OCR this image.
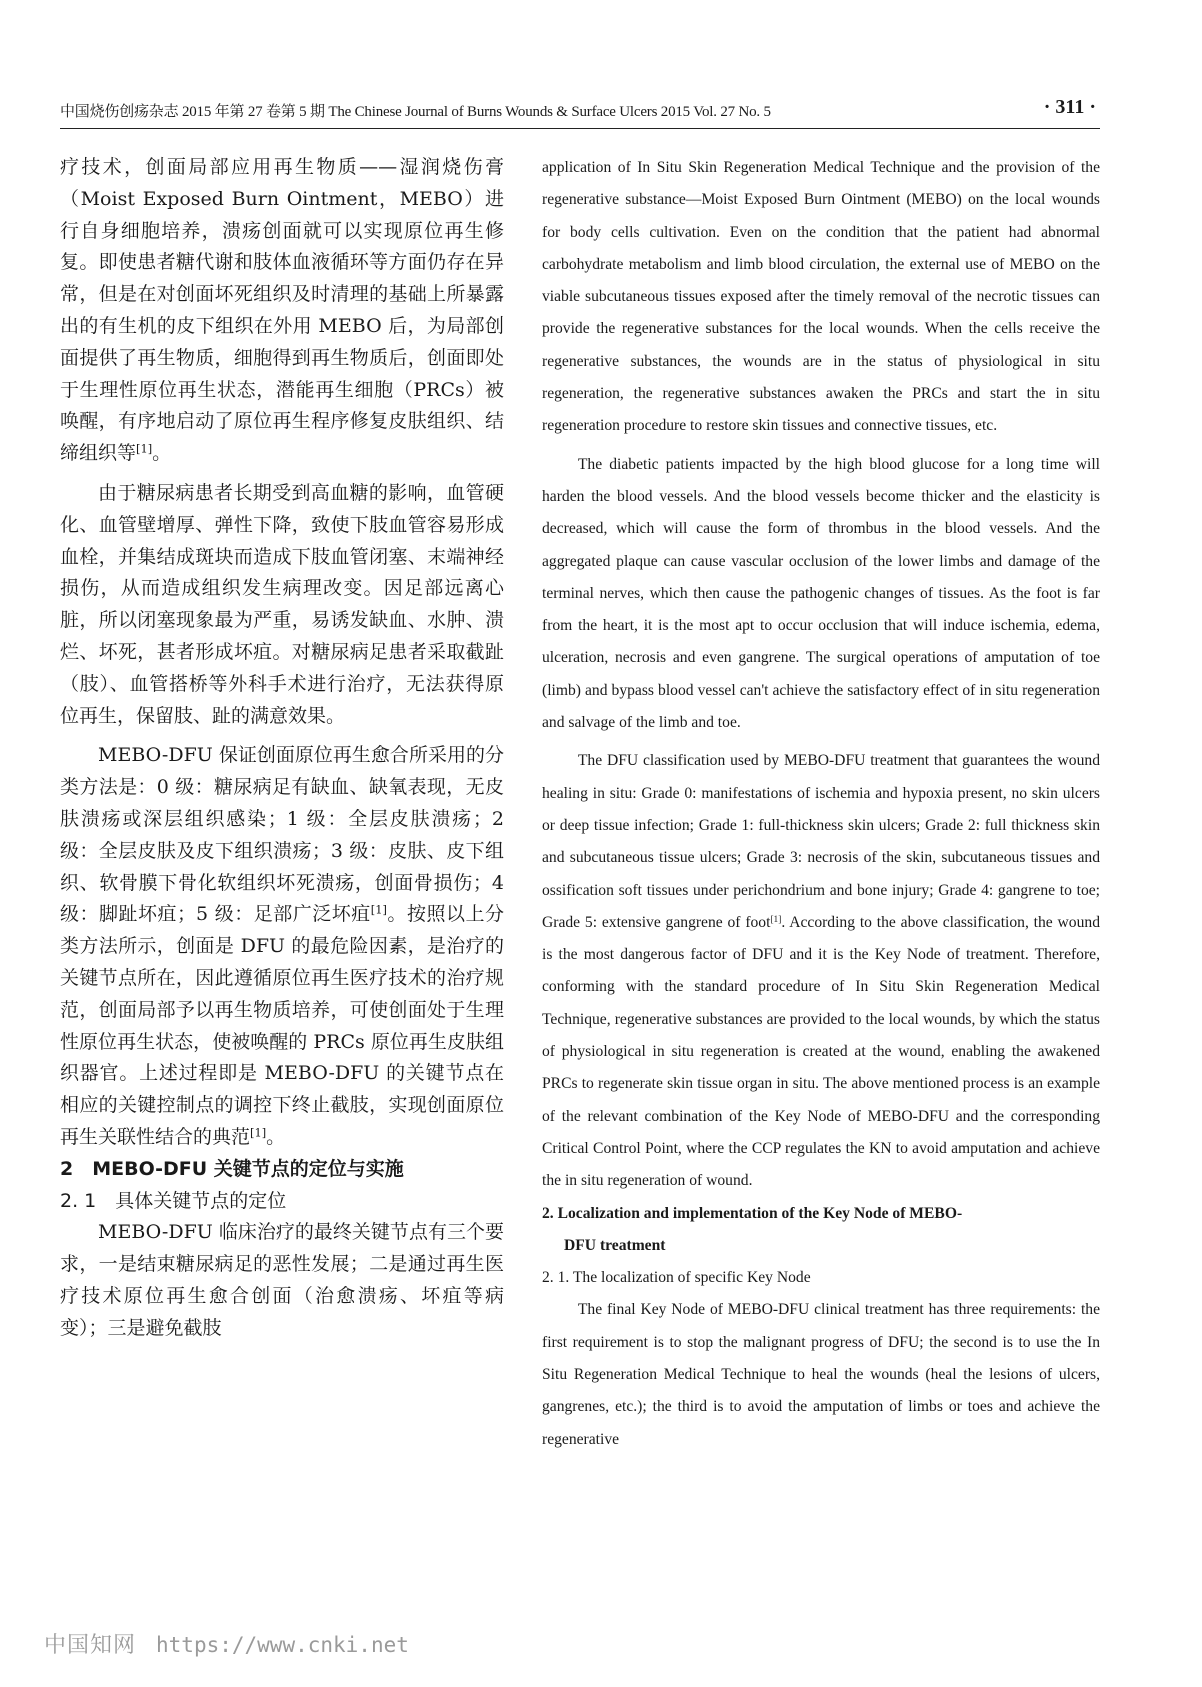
中国烧伤创疡杂志 2015 年第 27 卷第 5 期 The Chinese Journal of Burns Wounds & Surface Ulcers 2015 Vol. 27 No. 5	· 311 ·

疗技术，创面局部应用再生物质——湿润烧伤膏（Moist Exposed Burn Ointment，MEBO）进行自身细胞培养，溃疡创面就可以实现原位再生修复。即使患者糖代谢和肢体血液循环等方面仍存在异常，但是在对创面坏死组织及时清理的基础上所暴露出的有生机的皮下组织在外用 MEBO 后，为局部创面提供了再生物质，细胞得到再生物质后，创面即处于生理性原位再生状态，潜能再生细胞（PRCs）被唤醒，有序地启动了原位再生程序修复皮肤组织、结缔组织等[1]。

由于糖尿病患者长期受到高血糖的影响，血管硬化、血管壁增厚、弹性下降，致使下肢血管容易形成血栓，并集结成斑块而造成下肢血管闭塞、末端神经损伤，从而造成组织发生病理改变。因足部远离心脏，所以闭塞现象最为严重，易诱发缺血、水肿、溃烂、坏死，甚者形成坏疽。对糖尿病足患者采取截趾（肢）、血管搭桥等外科手术进行治疗，无法获得原位再生，保留肢、趾的满意效果。

MEBO-DFU 保证创面原位再生愈合所采用的分类方法是：0 级：糖尿病足有缺血、缺氧表现，无皮肤溃疡或深层组织感染；1 级：全层皮肤溃疡；2 级：全层皮肤及皮下组织溃疡；3 级：皮肤、皮下组织、软骨膜下骨化软组织坏死溃疡，创面骨损伤；4 级：脚趾坏疽；5 级：足部广泛坏疽[1]。按照以上分类方法所示，创面是 DFU 的最危险因素，是治疗的关键节点所在，因此遵循原位再生医疗技术的治疗规范，创面局部予以再生物质培养，可使创面处于生理性原位再生状态，使被唤醒的 PRCs 原位再生皮肤组织器官。上述过程即是 MEBO-DFU 的关键节点在相应的关键控制点的调控下终止截肢，实现创面原位再生关联性结合的典范[1]。

2　MEBO-DFU 关键节点的定位与实施

2. 1　具体关键节点的定位

MEBO-DFU 临床治疗的最终关键节点有三个要求，一是结束糖尿病足的恶性发展；二是通过再生医疗技术原位再生愈合创面（治愈溃疡、坏疽等病变）；三是避免截肢

application of In Situ Skin Regeneration Medical Technique and the provision of the regenerative substance—Moist Exposed Burn Ointment (MEBO) on the local wounds for body cells cultivation. Even on the condition that the patient had abnormal carbohydrate metabolism and limb blood circulation, the external use of MEBO on the viable subcutaneous tissues exposed after the timely removal of the necrotic tissues can provide the regenerative substances for the local wounds. When the cells receive the regenerative substances, the wounds are in the status of physiological in situ regeneration, the regenerative substances awaken the PRCs and start the in situ regeneration procedure to restore skin tissues and connective tissues, etc.

The diabetic patients impacted by the high blood glucose for a long time will harden the blood vessels. And the blood vessels become thicker and the elasticity is decreased, which will cause the form of thrombus in the blood vessels. And the aggregated plaque can cause vascular occlusion of the lower limbs and damage of the terminal nerves, which then cause the pathogenic changes of tissues. As the foot is far from the heart, it is the most apt to occur occlusion that will induce ischemia, edema, ulceration, necrosis and even gangrene. The surgical operations of amputation of toe (limb) and bypass blood vessel can't achieve the satisfactory effect of in situ regeneration and salvage of the limb and toe.

The DFU classification used by MEBO-DFU treatment that guarantees the wound healing in situ: Grade 0: manifestations of ischemia and hypoxia present, no skin ulcers or deep tissue infection; Grade 1: full-thickness skin ulcers; Grade 2: full thickness skin and subcutaneous tissue ulcers; Grade 3: necrosis of the skin, subcutaneous tissues and ossification soft tissues under perichondrium and bone injury; Grade 4: gangrene to toe; Grade 5: extensive gangrene of foot[1]. According to the above classification, the wound is the most dangerous factor of DFU and it is the Key Node of treatment. Therefore, conforming with the standard procedure of In Situ Skin Regeneration Medical Technique, regenerative substances are provided to the local wounds, by which the status of physiological in situ regeneration is created at the wound, enabling the awakened PRCs to regenerate skin tissue organ in situ. The above mentioned process is an example of the relevant combination of the Key Node of MEBO-DFU and the corresponding Critical Control Point, where the CCP regulates the KN to avoid amputation and achieve the in situ regeneration of wound.

2. Localization and implementation of the Key Node of MEBO-

DFU treatment

2. 1. The localization of specific Key Node

The final Key Node of MEBO-DFU clinical treatment has three requirements: the first requirement is to stop the malignant progress of DFU; the second is to use the In Situ Regeneration Medical Technique to heal the wounds (heal the lesions of ulcers, gangrenes, etc.); the third is to avoid the amputation of limbs or toes and achieve the regenerative

中国知网 https://www.cnki.net
